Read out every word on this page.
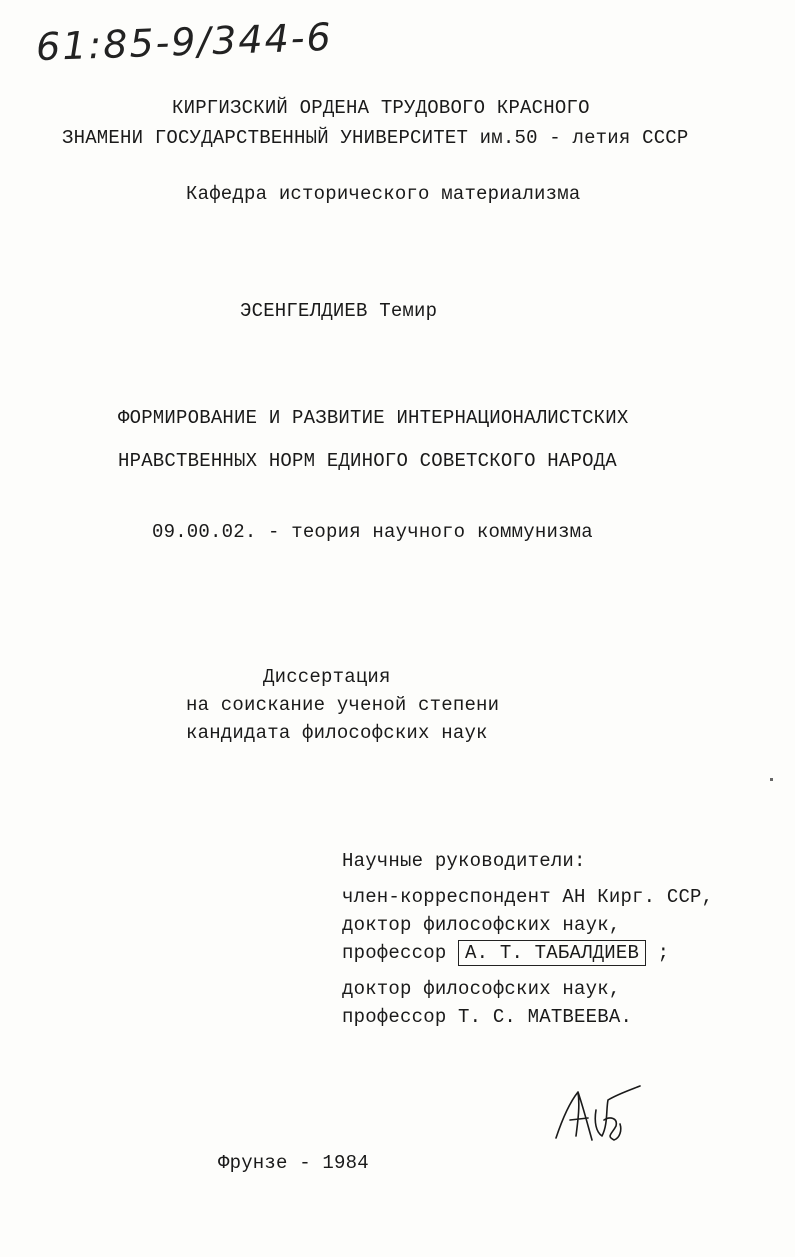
61:85-9/344-6
КИРГИЗСКИЙ ОРДЕНА ТРУДОВОГО КРАСНОГО
ЗНАМЕНИ ГОСУДАРСТВЕННЫЙ УНИВЕРСИТЕТ им.50 - летия СССР
Кафедра исторического материализма
ЭСЕНГЕЛДИЕВ Темир
ФОРМИРОВАНИЕ И РАЗВИТИЕ ИНТЕРНАЦИОНАЛИСТСКИХ
НРАВСТВЕННЫХ НОРМ ЕДИНОГО СОВЕТСКОГО НАРОДА
09.00.02. - теория научного коммунизма
Диссертация
на соискание ученой степени
кандидата философских наук
Научные руководители:
член-корреспондент АН Кирг. ССР,
доктор философских наук,
профессор А. Т. ТАБАЛДИЕВ ;
доктор философских наук,
профессор Т. С. МАТВЕЕВА.
Фрунзе - 1984
